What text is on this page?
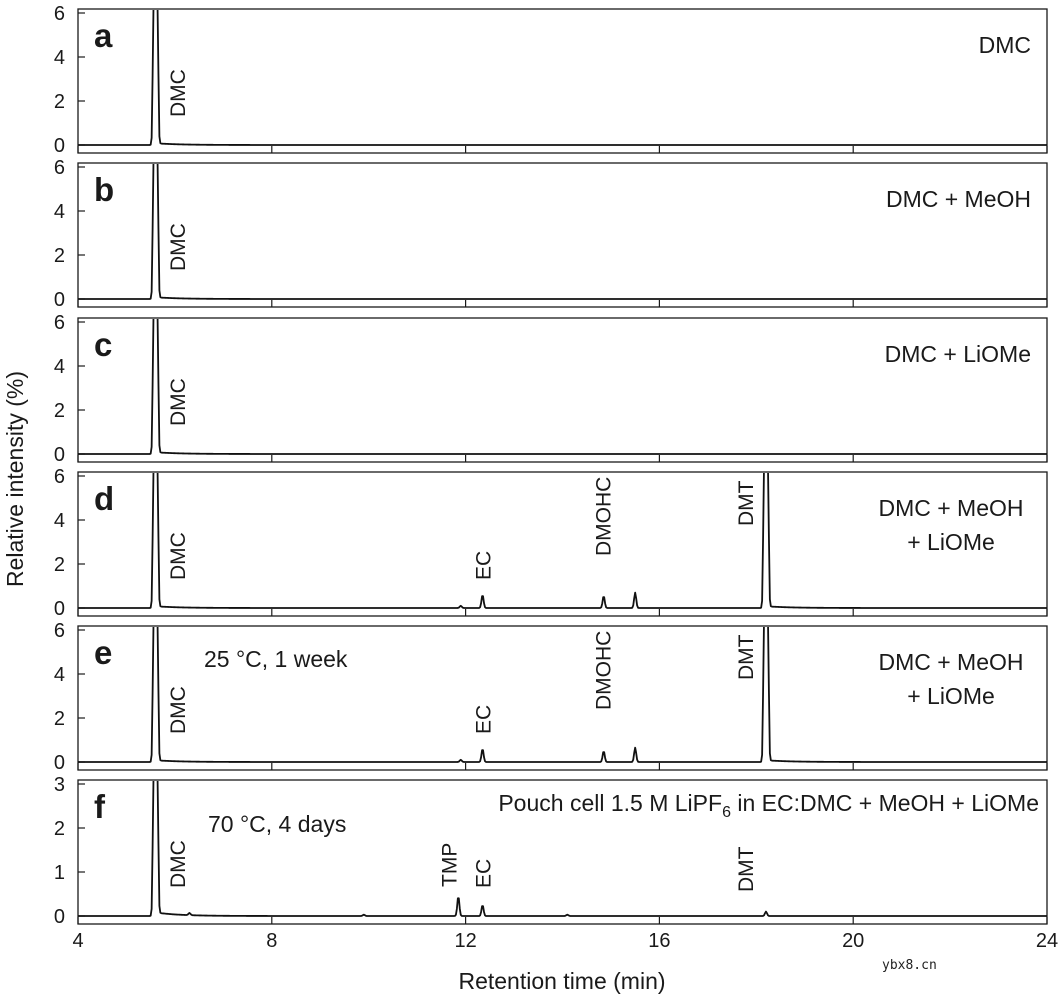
0
2
4
6
a	DMC
DMC
0
2
4
6
b	DMC + MeOH
DMC
0
2
4
6
c	DMC + LiOMe
DMC
0
2
4
6
d	DMC + MeOH
+ LiOMe
DMC	EC
DMOHC	DMT
0
2
4
6
e	DMC + MeOH
+ LiOMe
25 °C, 1 week
DMC	EC
DMOHC	DMT
0
1
2
3
f	Pouch cell 1.5 M LiPF$_6$ in EC:DMC + MeOH + LiOMe
70 °C, 4 days
DMC	TMP EC	DMT
4	8	12	16	20	24
Retention time (min)
Relative intensity (%)
ybx8.cn
